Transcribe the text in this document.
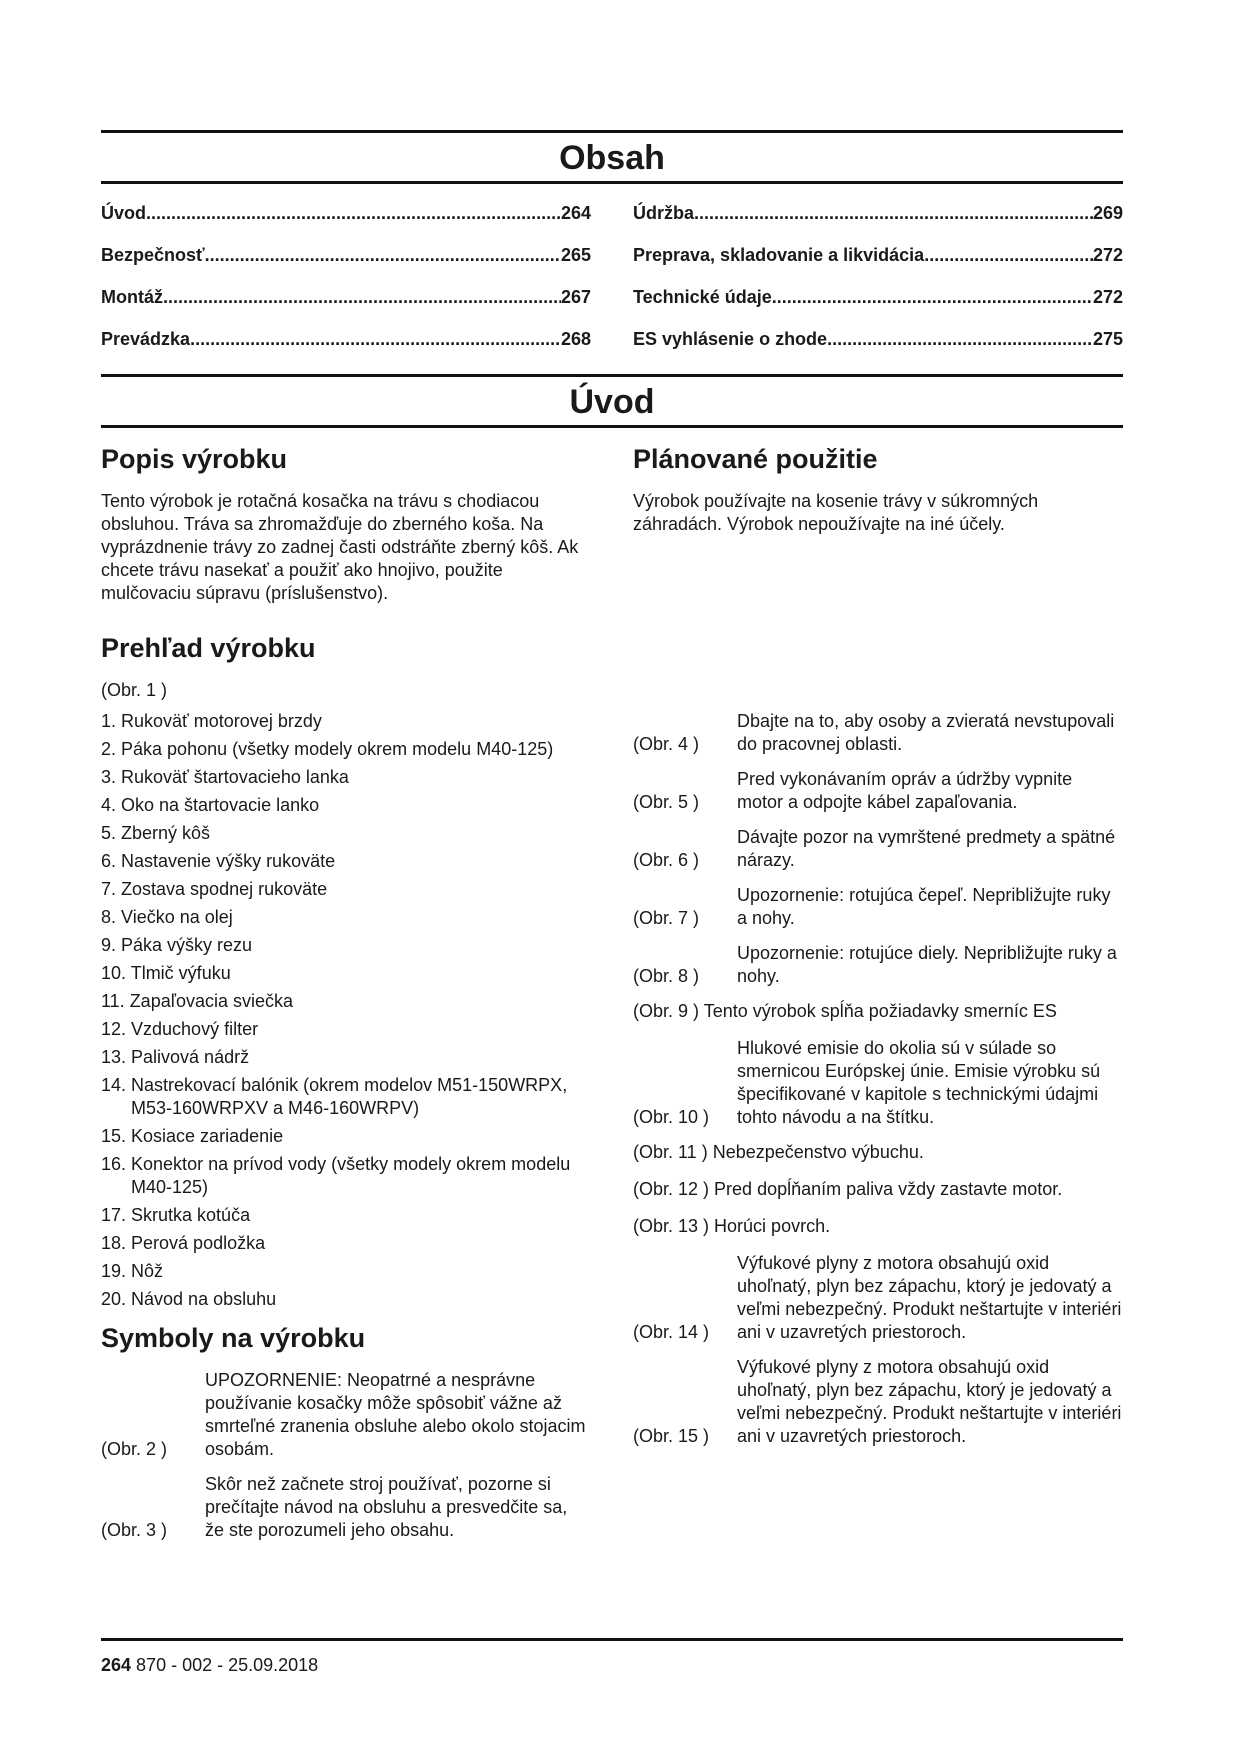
Obsah
Úvod .....	264
Bezpečnosť .....	265
Montáž .....	267
Prevádzka .....	268
Údržba .....	269
Preprava, skladovanie a likvidácia .....	272
Technické údaje .....	272
ES vyhlásenie o zhode .....	275
Úvod
Popis výrobku

Tento výrobok je rotačná kosačka na trávu s chodiacou obsluhou. Tráva sa zhromažďuje do zberného koša. Na vyprázdnenie trávy zo zadnej časti odstráňte zberný kôš. Ak chcete trávu nasekať a použiť ako hnojivo, použite mulčovaciu súpravu (príslušenstvo).

Prehľad výrobku
(Obr. 1 )
1. Rukoväť motorovej brzdy
2. Páka pohonu (všetky modely okrem modelu M40-125)
3. Rukoväť štartovacieho lanka
4. Oko na štartovacie lanko
5. Zberný kôš
6. Nastavenie výšky rukoväte
7. Zostava spodnej rukoväte
8. Viečko na olej
9. Páka výšky rezu
10. Tlmič výfuku
11. Zapaľovacia sviečka
12. Vzduchový filter
13. Palivová nádrž
14. Nastrekovací balónik (okrem modelov M51-150WRPX, M53-160WRPXV a M46-160WRPV)
15. Kosiace zariadenie
16. Konektor na prívod vody (všetky modely okrem modelu M40-125)
17. Skrutka kotúča
18. Perová podložka
19. Nôž
20. Návod na obsluhu
Symboly na výrobku
(Obr. 2 )
UPOZORNENIE: Neopatrné a nesprávne používanie kosačky môže spôsobiť vážne až smrteľné zranenia obsluhe alebo okolo stojacim osobám.
(Obr. 3 )
Skôr než začnete stroj používať, pozorne si prečítajte návod na obsluhu a presvedčite sa, že ste porozumeli jeho obsahu.
Plánované použitie

Výrobok používajte na kosenie trávy v súkromných záhradách. Výrobok nepoužívajte na iné účely.

(Obr. 4 )
Dbajte na to, aby osoby a zvieratá nevstupovali do pracovnej oblasti.
(Obr. 5 )
Pred vykonávaním opráv a údržby vypnite motor a odpojte kábel zapaľovania.
(Obr. 6 )
Dávajte pozor na vymrštené predmety a spätné nárazy.
(Obr. 7 )
Upozornenie: rotujúca čepeľ. Nepribližujte ruky a nohy.
(Obr. 8 )
Upozornenie: rotujúce diely. Nepribližujte ruky a nohy.
(Obr. 9 ) Tento výrobok spĺňa požiadavky smerníc ES
(Obr. 10 )
Hlukové emisie do okolia sú v súlade so smernicou Európskej únie. Emisie výrobku sú špecifikované v kapitole s technickými údajmi tohto návodu a na štítku.
(Obr. 11 ) Nebezpečenstvo výbuchu.
(Obr. 12 ) Pred dopĺňaním paliva vždy zastavte motor.
(Obr. 13 ) Horúci povrch.
(Obr. 14 )
Výfukové plyny z motora obsahujú oxid uhoľnatý, plyn bez zápachu, ktorý je jedovatý a veľmi nebezpečný. Produkt neštartujte v interiéri ani v uzavretých priestoroch.
(Obr. 15 )
Výfukové plyny z motora obsahujú oxid uhoľnatý, plyn bez zápachu, ktorý je jedovatý a veľmi nebezpečný. Produkt neštartujte v interiéri ani v uzavretých priestoroch.
264 870 - 002 - 25.09.2018
